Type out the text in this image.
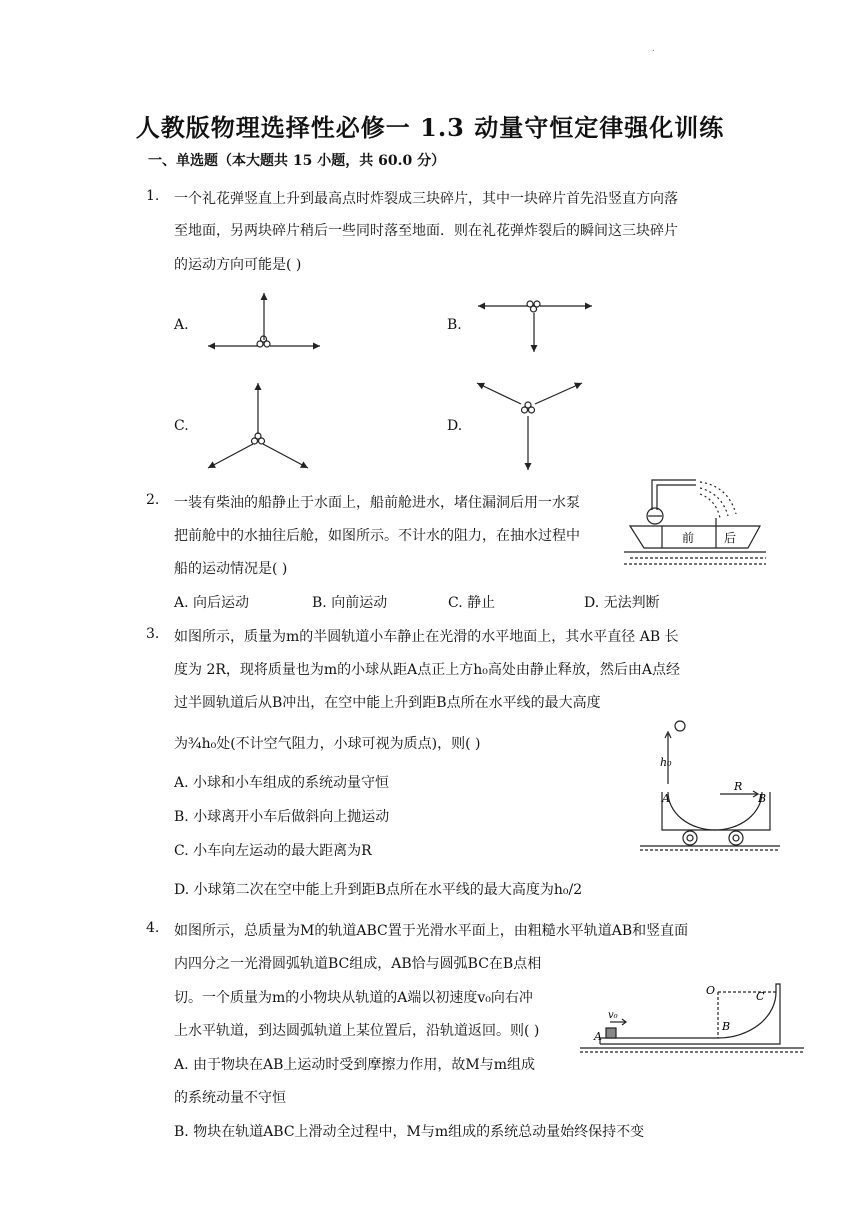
.
人教版物理选择性必修一 1.3 动量守恒定律强化训练
一、单选题（本大题共 15 小题，共 60.0 分）
1. 一个礼花弹竖直上升到最高点时炸裂成三块碎片，其中一块碎片首先沿竖直方向落
至地面，另两块碎片稍后一些同时落至地面．则在礼花弹炸裂后的瞬间这三块碎片
的运动方向可能是( )
A.	B.
C.	D.
2. 一装有柴油的船静止于水面上，船前舱进水，堵住漏洞后用一水泵
把前舱中的水抽往后舱，如图所示。不计水的阻力，在抽水过程中
船的运动情况是( )
A. 向后运动	B. 向前运动	C. 静止	D. 无法判断
前 后
3. 如图所示，质量为m的半圆轨道小车静止在光滑的水平地面上，其水平直径 AB 长
度为 2R，现将质量也为m的小球从距A点正上方h₀高处由静止释放，然后由A点经
过半圆轨道后从B冲出，在空中能上升到距B点所在水平线的最大高度
为¾h₀处(不计空气阻力，小球可视为质点)，则( )
A. 小球和小车组成的系统动量守恒
B. 小球离开小车后做斜向上抛运动
C. 小车向左运动的最大距离为R
D. 小球第二次在空中能上升到距B点所在水平线的最大高度为h₀/2
h₀
A	B
R
4. 如图所示，总质量为M的轨道ABC置于光滑水平面上，由粗糙水平轨道AB和竖直面
内四分之一光滑圆弧轨道BC组成，AB恰与圆弧BC在B点相
切。一个质量为m的小物块从轨道的A端以初速度v₀向右冲
上水平轨道，到达圆弧轨道上某位置后，沿轨道返回。则( )
A. 由于物块在AB上运动时受到摩擦力作用，故M与m组成
的系统动量不守恒
B. 物块在轨道ABC上滑动全过程中，M与m组成的系统总动量始终保持不变
O	C
B
A
v₀
